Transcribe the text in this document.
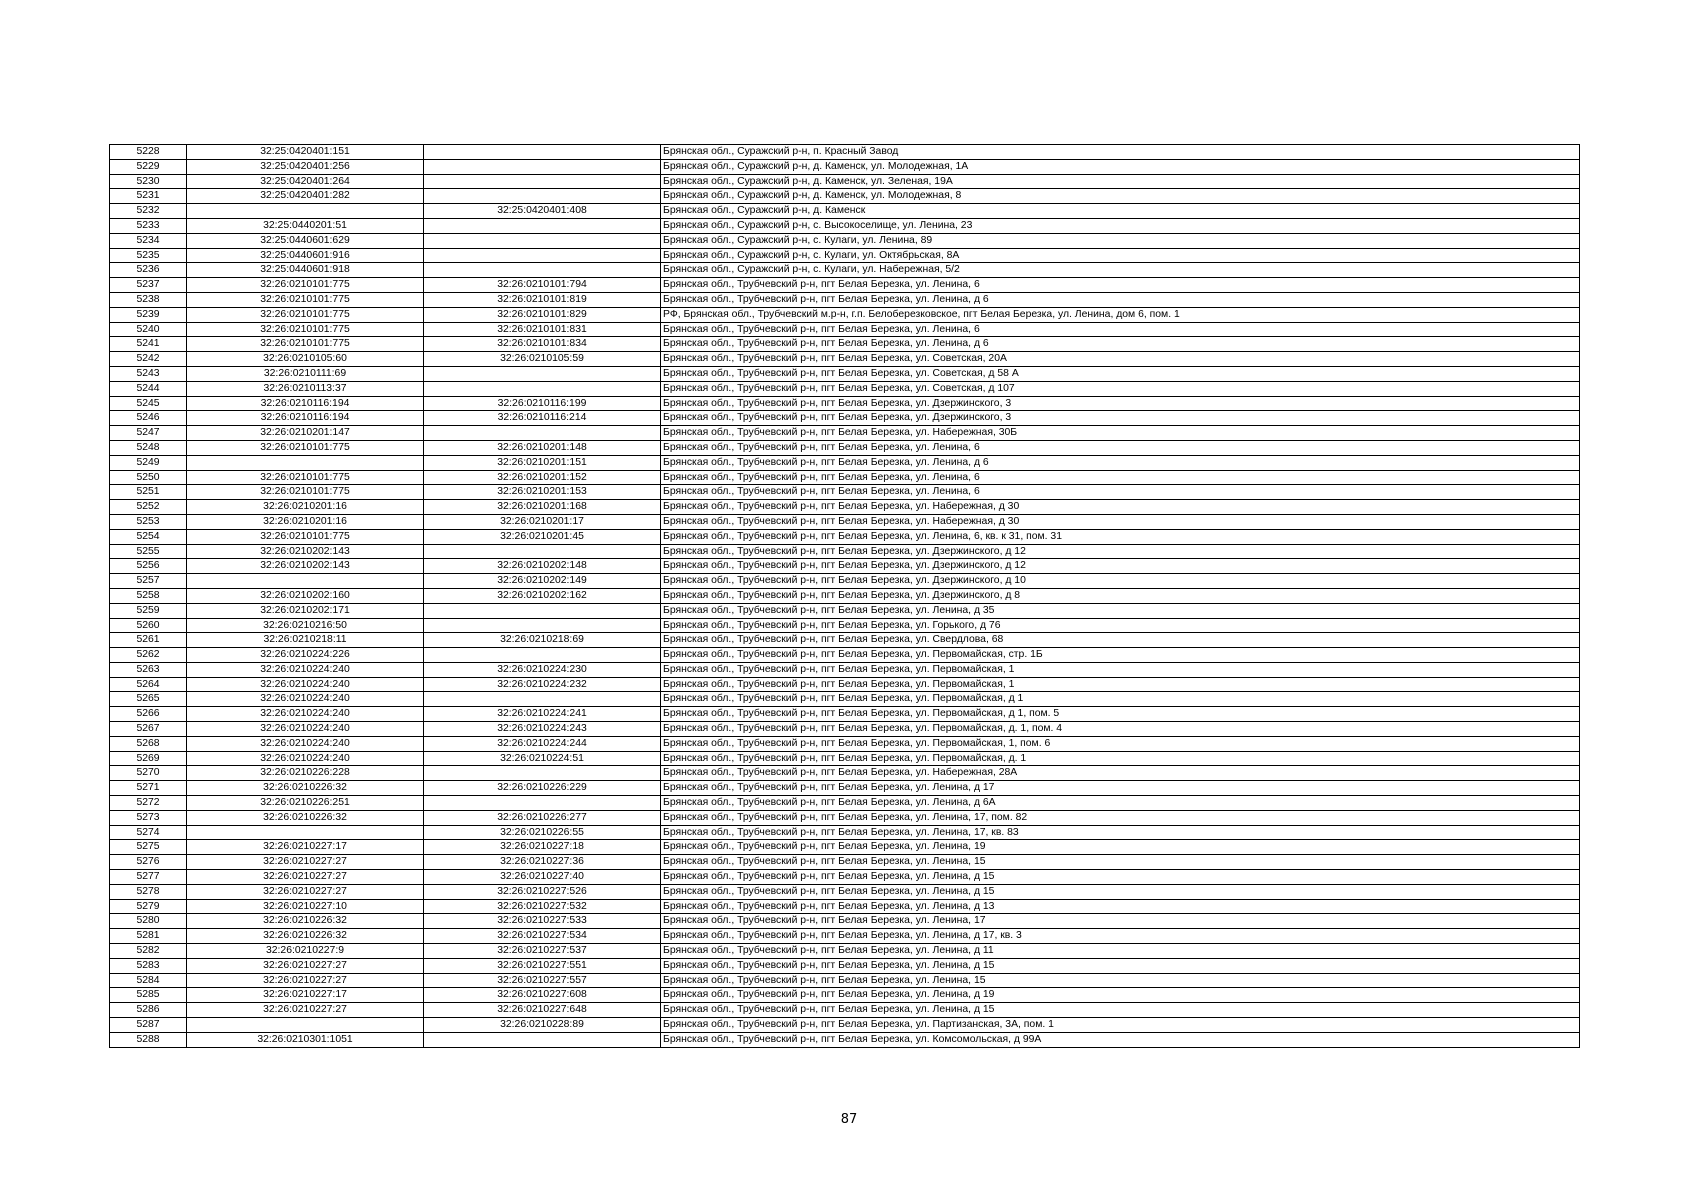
5228	32:25:0420401:151		Брянская обл., Суражский р-н, п. Красный Завод
5229	32:25:0420401:256		Брянская обл., Суражский р-н, д. Каменск, ул. Молодежная, 1А
5230	32:25:0420401:264		Брянская обл., Суражский р-н, д. Каменск, ул. Зеленая, 19А
5231	32:25:0420401:282		Брянская обл., Суражский р-н, д. Каменск, ул. Молодежная, 8
5232		32:25:0420401:408	Брянская обл., Суражский р-н, д. Каменск
5233	32:25:0440201:51		Брянская обл., Суражский р-н, с. Высокоселище, ул. Ленина, 23
5234	32:25:0440601:629		Брянская обл., Суражский р-н, с. Кулаги, ул. Ленина, 89
5235	32:25:0440601:916		Брянская обл., Суражский р-н, с. Кулаги, ул. Октябрьская, 8А
5236	32:25:0440601:918		Брянская обл., Суражский р-н, с. Кулаги, ул. Набережная, 5/2
5237	32:26:0210101:775	32:26:0210101:794	Брянская обл., Трубчевский р-н, пгт Белая Березка, ул. Ленина, 6
5238	32:26:0210101:775	32:26:0210101:819	Брянская обл., Трубчевский р-н, пгт Белая Березка, ул. Ленина, д 6
5239	32:26:0210101:775	32:26:0210101:829	РФ, Брянская обл., Трубчевский м.р-н, г.п. Белоберезковское, пгт Белая Березка, ул. Ленина, дом 6, пом. 1
5240	32:26:0210101:775	32:26:0210101:831	Брянская обл., Трубчевский р-н, пгт Белая Березка, ул. Ленина, 6
5241	32:26:0210101:775	32:26:0210101:834	Брянская обл., Трубчевский р-н, пгт Белая Березка, ул. Ленина, д 6
5242	32:26:0210105:60	32:26:0210105:59	Брянская обл., Трубчевский р-н, пгт Белая Березка, ул. Советская, 20А
5243	32:26:0210111:69		Брянская обл., Трубчевский р-н, пгт Белая Березка, ул. Советская, д 58 А
5244	32:26:0210113:37		Брянская обл., Трубчевский р-н, пгт Белая Березка, ул. Советская, д 107
5245	32:26:0210116:194	32:26:0210116:199	Брянская обл., Трубчевский р-н, пгт Белая Березка, ул. Дзержинского, 3
5246	32:26:0210116:194	32:26:0210116:214	Брянская обл., Трубчевский р-н, пгт Белая Березка, ул. Дзержинского, 3
5247	32:26:0210201:147		Брянская обл., Трубчевский р-н, пгт Белая Березка, ул. Набережная, 30Б
5248	32:26:0210101:775	32:26:0210201:148	Брянская обл., Трубчевский р-н, пгт Белая Березка, ул. Ленина, 6
5249		32:26:0210201:151	Брянская обл., Трубчевский р-н, пгт Белая Березка, ул. Ленина, д 6
5250	32:26:0210101:775	32:26:0210201:152	Брянская обл., Трубчевский р-н, пгт Белая Березка, ул. Ленина, 6
5251	32:26:0210101:775	32:26:0210201:153	Брянская обл., Трубчевский р-н, пгт Белая Березка, ул. Ленина, 6
5252	32:26:0210201:16	32:26:0210201:168	Брянская обл., Трубчевский р-н, пгт Белая Березка, ул. Набережная, д 30
5253	32:26:0210201:16	32:26:0210201:17	Брянская обл., Трубчевский р-н, пгт Белая Березка, ул. Набережная, д 30
5254	32:26:0210101:775	32:26:0210201:45	Брянская обл., Трубчевский р-н, пгт Белая Березка, ул. Ленина, 6, кв. к 31, пом. 31
5255	32:26:0210202:143		Брянская обл., Трубчевский р-н, пгт Белая Березка, ул. Дзержинского, д 12
5256	32:26:0210202:143	32:26:0210202:148	Брянская обл., Трубчевский р-н, пгт Белая Березка, ул. Дзержинского, д 12
5257		32:26:0210202:149	Брянская обл., Трубчевский р-н, пгт Белая Березка, ул. Дзержинского, д 10
5258	32:26:0210202:160	32:26:0210202:162	Брянская обл., Трубчевский р-н, пгт Белая Березка, ул. Дзержинского, д 8
5259	32:26:0210202:171		Брянская обл., Трубчевский р-н, пгт Белая Березка, ул. Ленина, д 35
5260	32:26:0210216:50		Брянская обл., Трубчевский р-н, пгт Белая Березка, ул. Горького, д 76
5261	32:26:0210218:11	32:26:0210218:69	Брянская обл., Трубчевский р-н, пгт Белая Березка, ул. Свердлова, 68
5262	32:26:0210224:226		Брянская обл., Трубчевский р-н, пгт Белая Березка, ул. Первомайская, стр. 1Б
5263	32:26:0210224:240	32:26:0210224:230	Брянская обл., Трубчевский р-н, пгт Белая Березка, ул. Первомайская, 1
5264	32:26:0210224:240	32:26:0210224:232	Брянская обл., Трубчевский р-н, пгт Белая Березка, ул. Первомайская, 1
5265	32:26:0210224:240		Брянская обл., Трубчевский р-н, пгт Белая Березка, ул. Первомайская, д 1
5266	32:26:0210224:240	32:26:0210224:241	Брянская обл., Трубчевский р-н, пгт Белая Березка, ул. Первомайская, д 1, пом. 5
5267	32:26:0210224:240	32:26:0210224:243	Брянская обл., Трубчевский р-н, пгт Белая Березка, ул. Первомайская, д. 1, пом. 4
5268	32:26:0210224:240	32:26:0210224:244	Брянская обл., Трубчевский р-н, пгт Белая Березка, ул. Первомайская, 1, пом. 6
5269	32:26:0210224:240	32:26:0210224:51	Брянская обл., Трубчевский р-н, пгт Белая Березка, ул. Первомайская, д. 1
5270	32:26:0210226:228		Брянская обл., Трубчевский р-н, пгт Белая Березка, ул. Набережная, 28А
5271	32:26:0210226:32	32:26:0210226:229	Брянская обл., Трубчевский р-н, пгт Белая Березка, ул. Ленина, д 17
5272	32:26:0210226:251		Брянская обл., Трубчевский р-н, пгт Белая Березка, ул. Ленина, д 6А
5273	32:26:0210226:32	32:26:0210226:277	Брянская обл., Трубчевский р-н, пгт Белая Березка, ул. Ленина, 17, пом. 82
5274		32:26:0210226:55	Брянская обл., Трубчевский р-н, пгт Белая Березка, ул. Ленина, 17, кв. 83
5275	32:26:0210227:17	32:26:0210227:18	Брянская обл., Трубчевский р-н, пгт Белая Березка, ул. Ленина, 19
5276	32:26:0210227:27	32:26:0210227:36	Брянская обл., Трубчевский р-н, пгт Белая Березка, ул. Ленина, 15
5277	32:26:0210227:27	32:26:0210227:40	Брянская обл., Трубчевский р-н, пгт Белая Березка, ул. Ленина, д 15
5278	32:26:0210227:27	32:26:0210227:526	Брянская обл., Трубчевский р-н, пгт Белая Березка, ул. Ленина, д 15
5279	32:26:0210227:10	32:26:0210227:532	Брянская обл., Трубчевский р-н, пгт Белая Березка, ул. Ленина, д 13
5280	32:26:0210226:32	32:26:0210227:533	Брянская обл., Трубчевский р-н, пгт Белая Березка, ул. Ленина, 17
5281	32:26:0210226:32	32:26:0210227:534	Брянская обл., Трубчевский р-н, пгт Белая Березка, ул. Ленина, д 17, кв. 3
5282	32:26:0210227:9	32:26:0210227:537	Брянская обл., Трубчевский р-н, пгт Белая Березка, ул. Ленина, д 11
5283	32:26:0210227:27	32:26:0210227:551	Брянская обл., Трубчевский р-н, пгт Белая Березка, ул. Ленина, д 15
5284	32:26:0210227:27	32:26:0210227:557	Брянская обл., Трубчевский р-н, пгт Белая Березка, ул. Ленина, 15
5285	32:26:0210227:17	32:26:0210227:608	Брянская обл., Трубчевский р-н, пгт Белая Березка, ул. Ленина, д 19
5286	32:26:0210227:27	32:26:0210227:648	Брянская обл., Трубчевский р-н, пгт Белая Березка, ул. Ленина, д 15
5287		32:26:0210228:89	Брянская обл., Трубчевский р-н, пгт Белая Березка, ул. Партизанская, 3А, пом. 1
5288	32:26:0210301:1051		Брянская обл., Трубчевский р-н, пгт Белая Березка, ул. Комсомольская, д 99А
87
